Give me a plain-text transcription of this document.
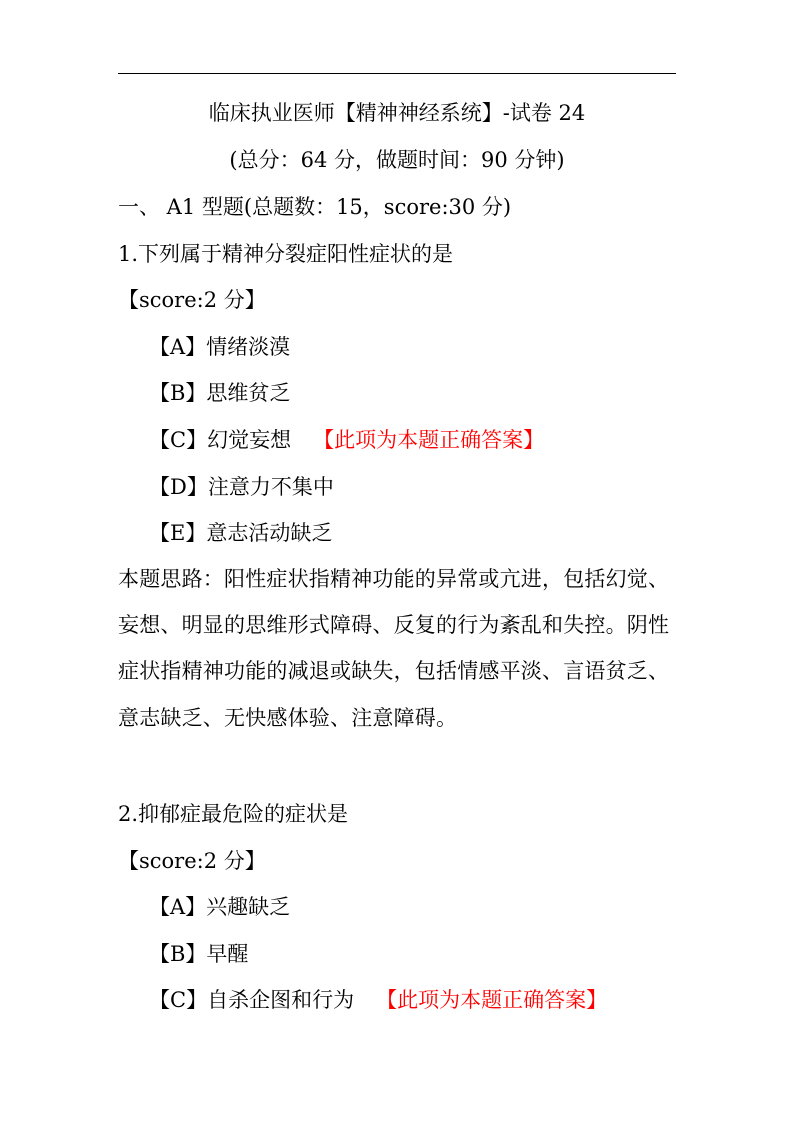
临床执业医师【精神神经系统】-试卷 24
(总分：64 分，做题时间：90 分钟)
一、 A1 型题(总题数：15，score:30 分)
1.下列属于精神分裂症阳性症状的是
【score:2 分】
【A】情绪淡漠
【B】思维贫乏
【C】幻觉妄想 【此项为本题正确答案】
【D】注意力不集中
【E】意志活动缺乏
本题思路：阳性症状指精神功能的异常或亢进，包括幻觉、妄想、明显的思维形式障碍、反复的行为紊乱和失控。阴性症状指精神功能的减退或缺失，包括情感平淡、言语贫乏、意志缺乏、无快感体验、注意障碍。
2.抑郁症最危险的症状是
【score:2 分】
【A】兴趣缺乏
【B】早醒
【C】自杀企图和行为 【此项为本题正确答案】
